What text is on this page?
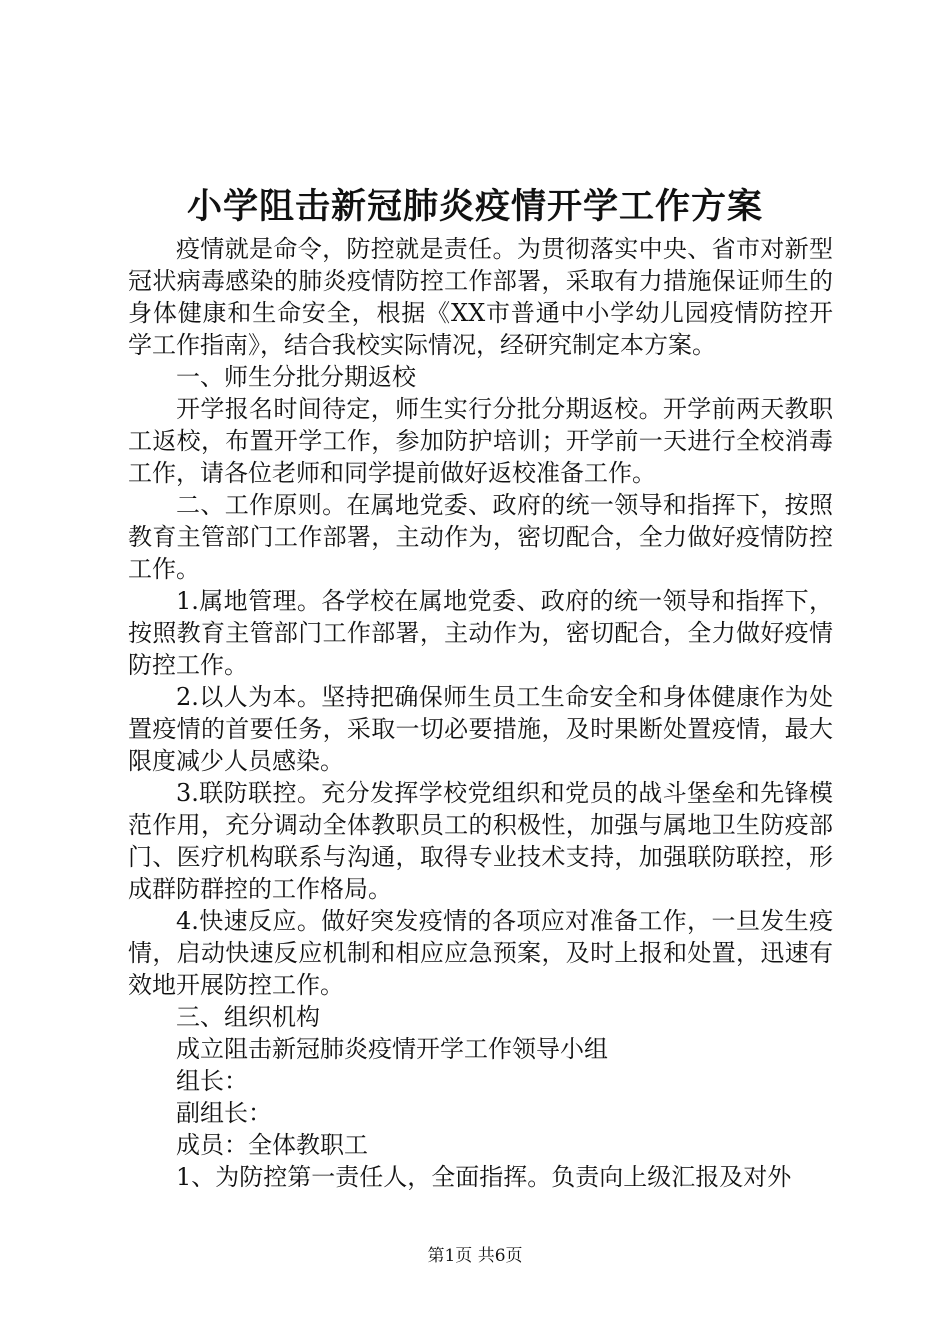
小学阻击新冠肺炎疫情开学工作方案

疫情就是命令，防控就是责任。为贯彻落实中央、省市对新型冠状病毒感染的肺炎疫情防控工作部署，采取有力措施保证师生的身体健康和生命安全，根据《XX市普通中小学幼儿园疫情防控开学工作指南》，结合我校实际情况，经研究制定本方案。

一、师生分批分期返校

开学报名时间待定，师生实行分批分期返校。开学前两天教职工返校，布置开学工作，参加防护培训；开学前一天进行全校消毒工作，请各位老师和同学提前做好返校准备工作。

二、工作原则。在属地党委、政府的统一领导和指挥下，按照教育主管部门工作部署，主动作为，密切配合，全力做好疫情防控工作。

1.属地管理。各学校在属地党委、政府的统一领导和指挥下，按照教育主管部门工作部署，主动作为，密切配合，全力做好疫情防控工作。

2.以人为本。坚持把确保师生员工生命安全和身体健康作为处置疫情的首要任务，采取一切必要措施，及时果断处置疫情，最大限度减少人员感染。

3.联防联控。充分发挥学校党组织和党员的战斗堡垒和先锋模范作用，充分调动全体教职员工的积极性，加强与属地卫生防疫部门、医疗机构联系与沟通，取得专业技术支持，加强联防联控，形成群防群控的工作格局。

4.快速反应。做好突发疫情的各项应对准备工作，一旦发生疫情，启动快速反应机制和相应应急预案，及时上报和处置，迅速有效地开展防控工作。

三、组织机构

成立阻击新冠肺炎疫情开学工作领导小组

组长：

副组长：

成员：全体教职工

1、为防控第一责任人，全面指挥。负责向上级汇报及对外

第1页 共6页
